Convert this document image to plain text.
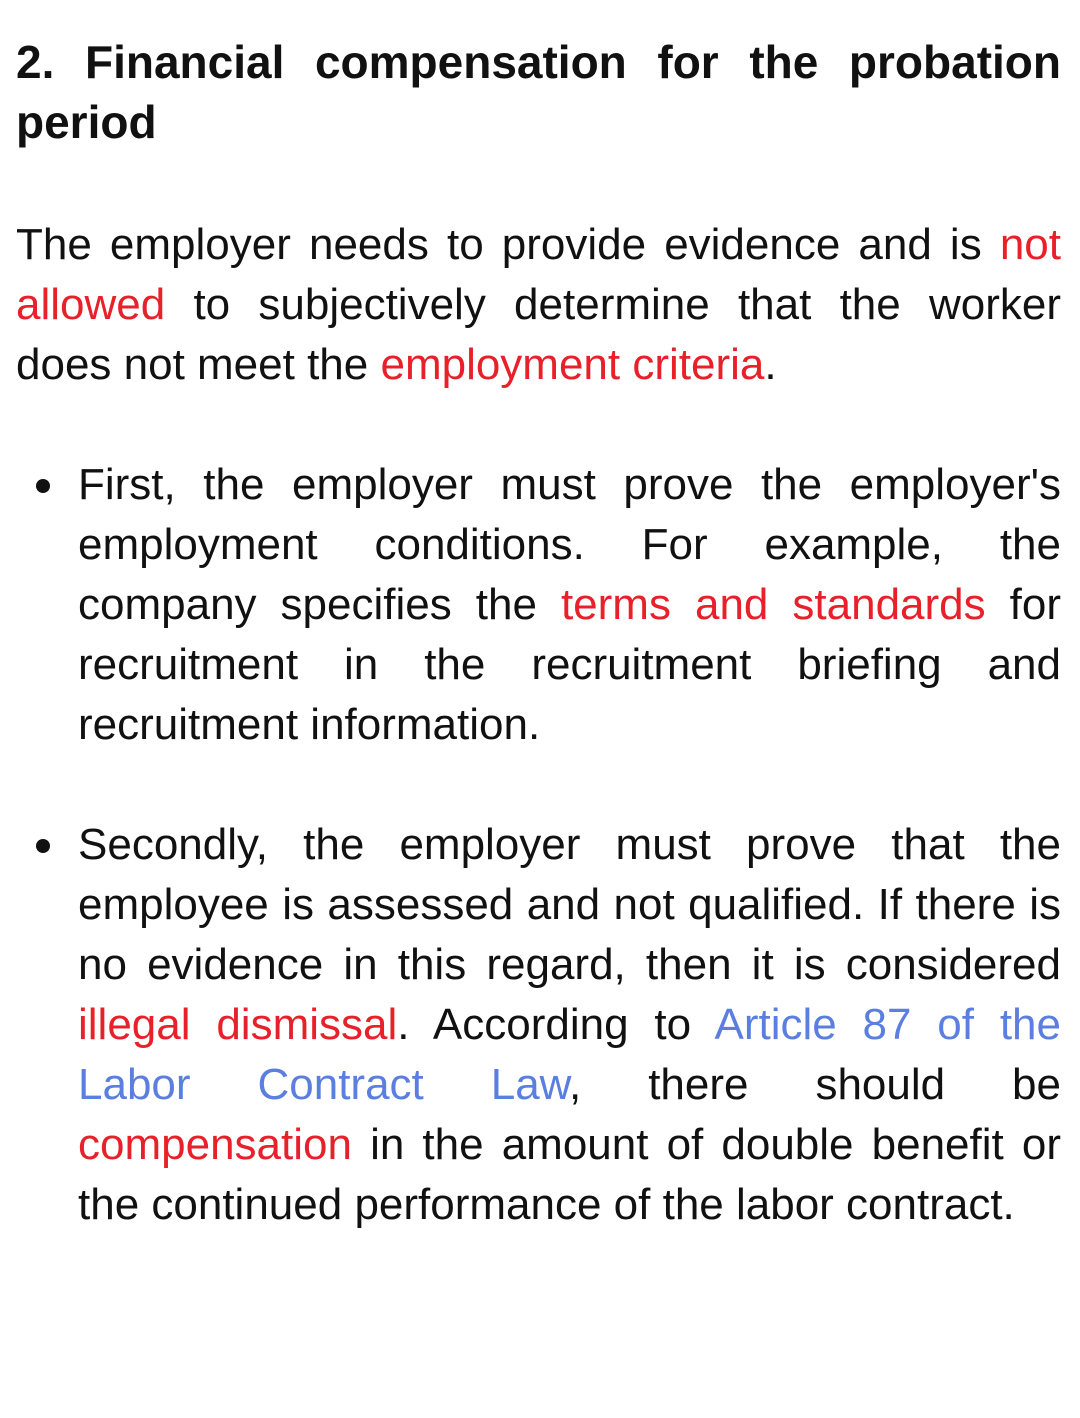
2. Financial compensation for the probation period

The employer needs to provide evidence and is not allowed to subjectively determine that the worker does not meet the employment criteria.

First, the employer must prove the employer's employment conditions. For example, the company specifies the terms and standards for recruitment in the recruitment briefing and recruitment information.
Secondly, the employer must prove that the employee is assessed and not qualified. If there is no evidence in this regard, then it is considered illegal dismissal. According to Article 87 of the Labor Contract Law, there should be compensation in the amount of double benefit or the continued performance of the labor contract.
